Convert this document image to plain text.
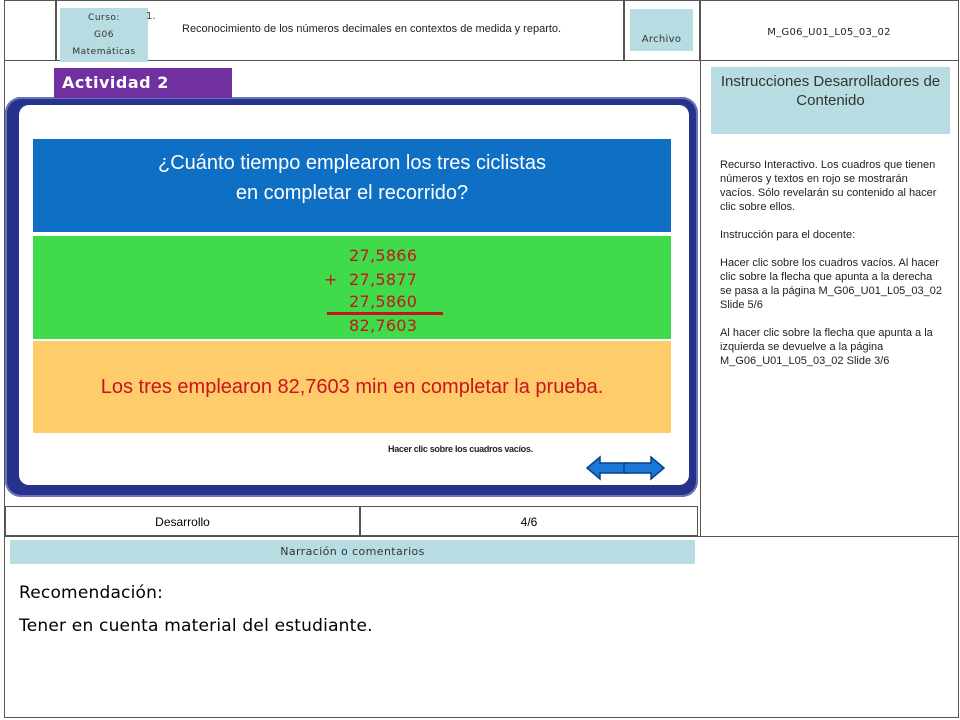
Curso:
G06
Matemáticas
1.
Reconocimiento de los números decimales en contextos de medida y reparto.
Archivo
M_G06_U01_L05_03_02
Instrucciones Desarrolladores de Contenido

Recurso Interactivo. Los cuadros que tienen números y textos en rojo se mostrarán vacíos. Sólo revelarán su contenido al hacer clic sobre ellos.

Instrucción para el docente:

Hacer clic sobre los cuadros vacíos. Al hacer clic sobre la flecha que apunta a la derecha se pasa a la página M_G06_U01_L05_03_02 Slide 5/6

Al hacer clic sobre la flecha que apunta a la izquierda se devuelve a la página M_G06_U01_L05_03_02 Slide 3/6

Actividad 2
¿Cuánto tiempo emplearon los tres ciclistas
en completar el recorrido?
27,5866
+ 27,5877
27,5860
82,7603
Los tres emplearon 82,7603 min en completar la prueba.
Hacer clic sobre los cuadros vacíos.
Desarrollo	4/6
Narración o comentarios
Recomendación:
Tener en cuenta material del estudiante.
